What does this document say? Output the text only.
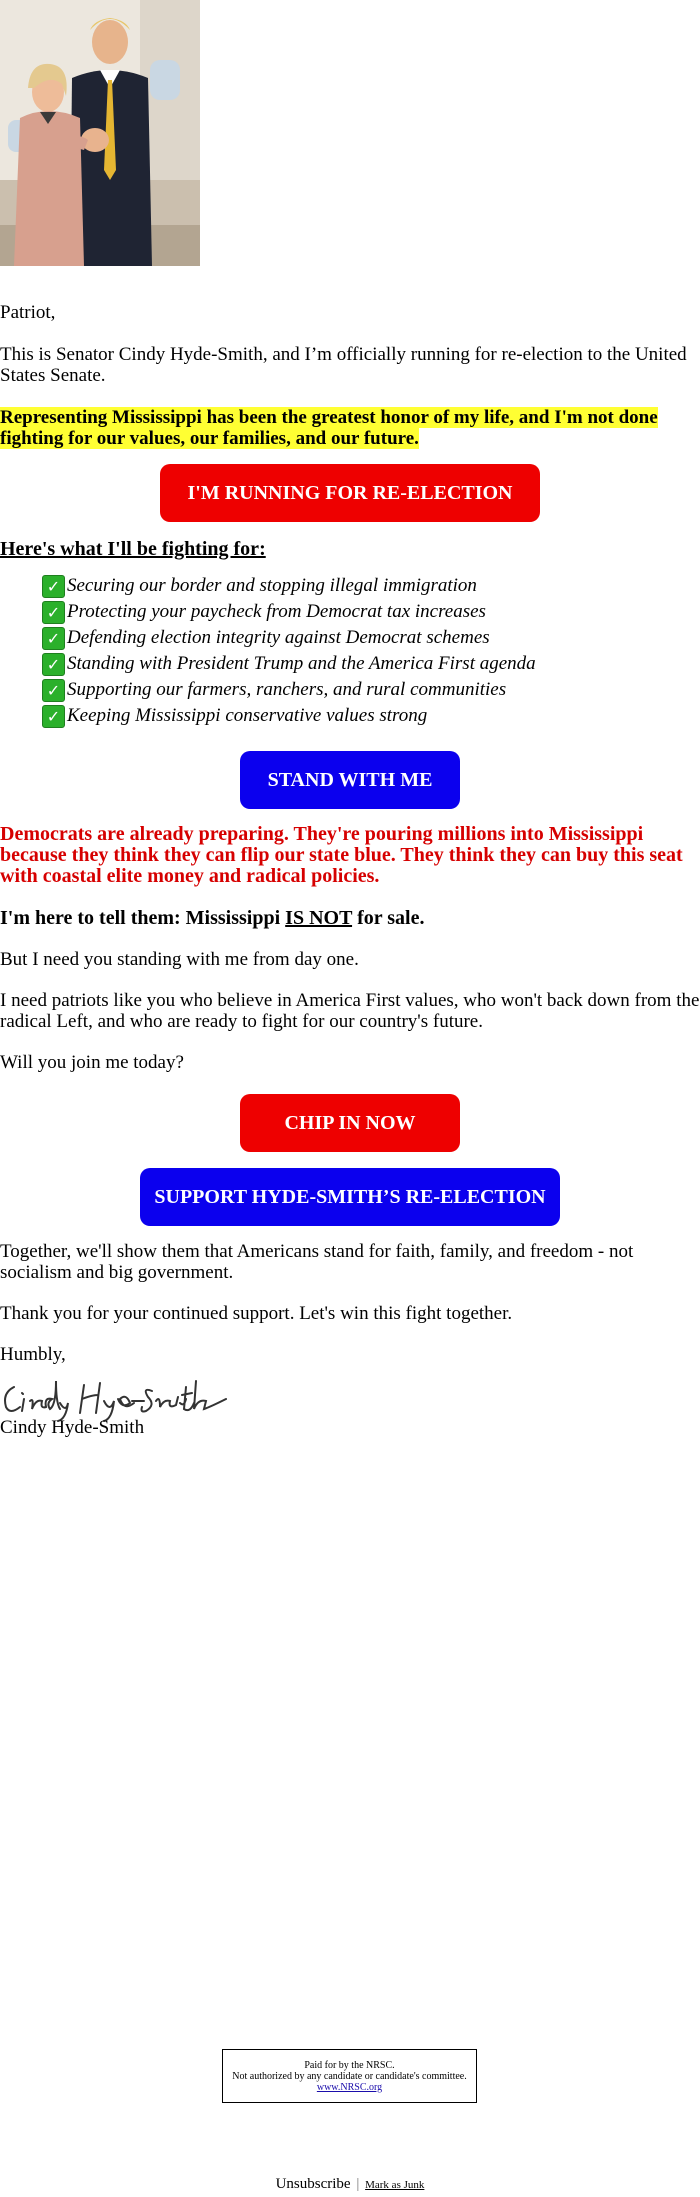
Patriot,

This is Senator Cindy Hyde-Smith, and I’m officially running for re-election to the United States Senate.

Representing Mississippi has been the greatest honor of my life, and I'm not done fighting for our values, our families, and our future.

I'M RUNNING FOR RE-ELECTION

Here's what I'll be fighting for:

✓ Securing our border and stopping illegal immigration
✓ Protecting your paycheck from Democrat tax increases
✓ Defending election integrity against Democrat schemes
✓ Standing with President Trump and the America First agenda
✓ Supporting our farmers, ranchers, and rural communities
✓ Keeping Mississippi conservative values strong
STAND WITH ME

Democrats are already preparing. They're pouring millions into Mississippi because they think they can flip our state blue. They think they can buy this seat with coastal elite money and radical policies.

I'm here to tell them: Mississippi IS NOT for sale.

But I need you standing with me from day one.

I need patriots like you who believe in America First values, who won't back down from the radical Left, and who are ready to fight for our country's future.

Will you join me today?

CHIP IN NOW
SUPPORT HYDE-SMITH’S RE-ELECTION

Together, we'll show them that Americans stand for faith, family, and freedom - not socialism and big government.

Thank you for your continued support. Let's win this fight together.

Humbly,

Cindy Hyde-Smith

Paid for by the NRSC.
Not authorized by any candidate or candidate's committee.
www.NRSC.org
Unsubscribe | Mark as Junk
